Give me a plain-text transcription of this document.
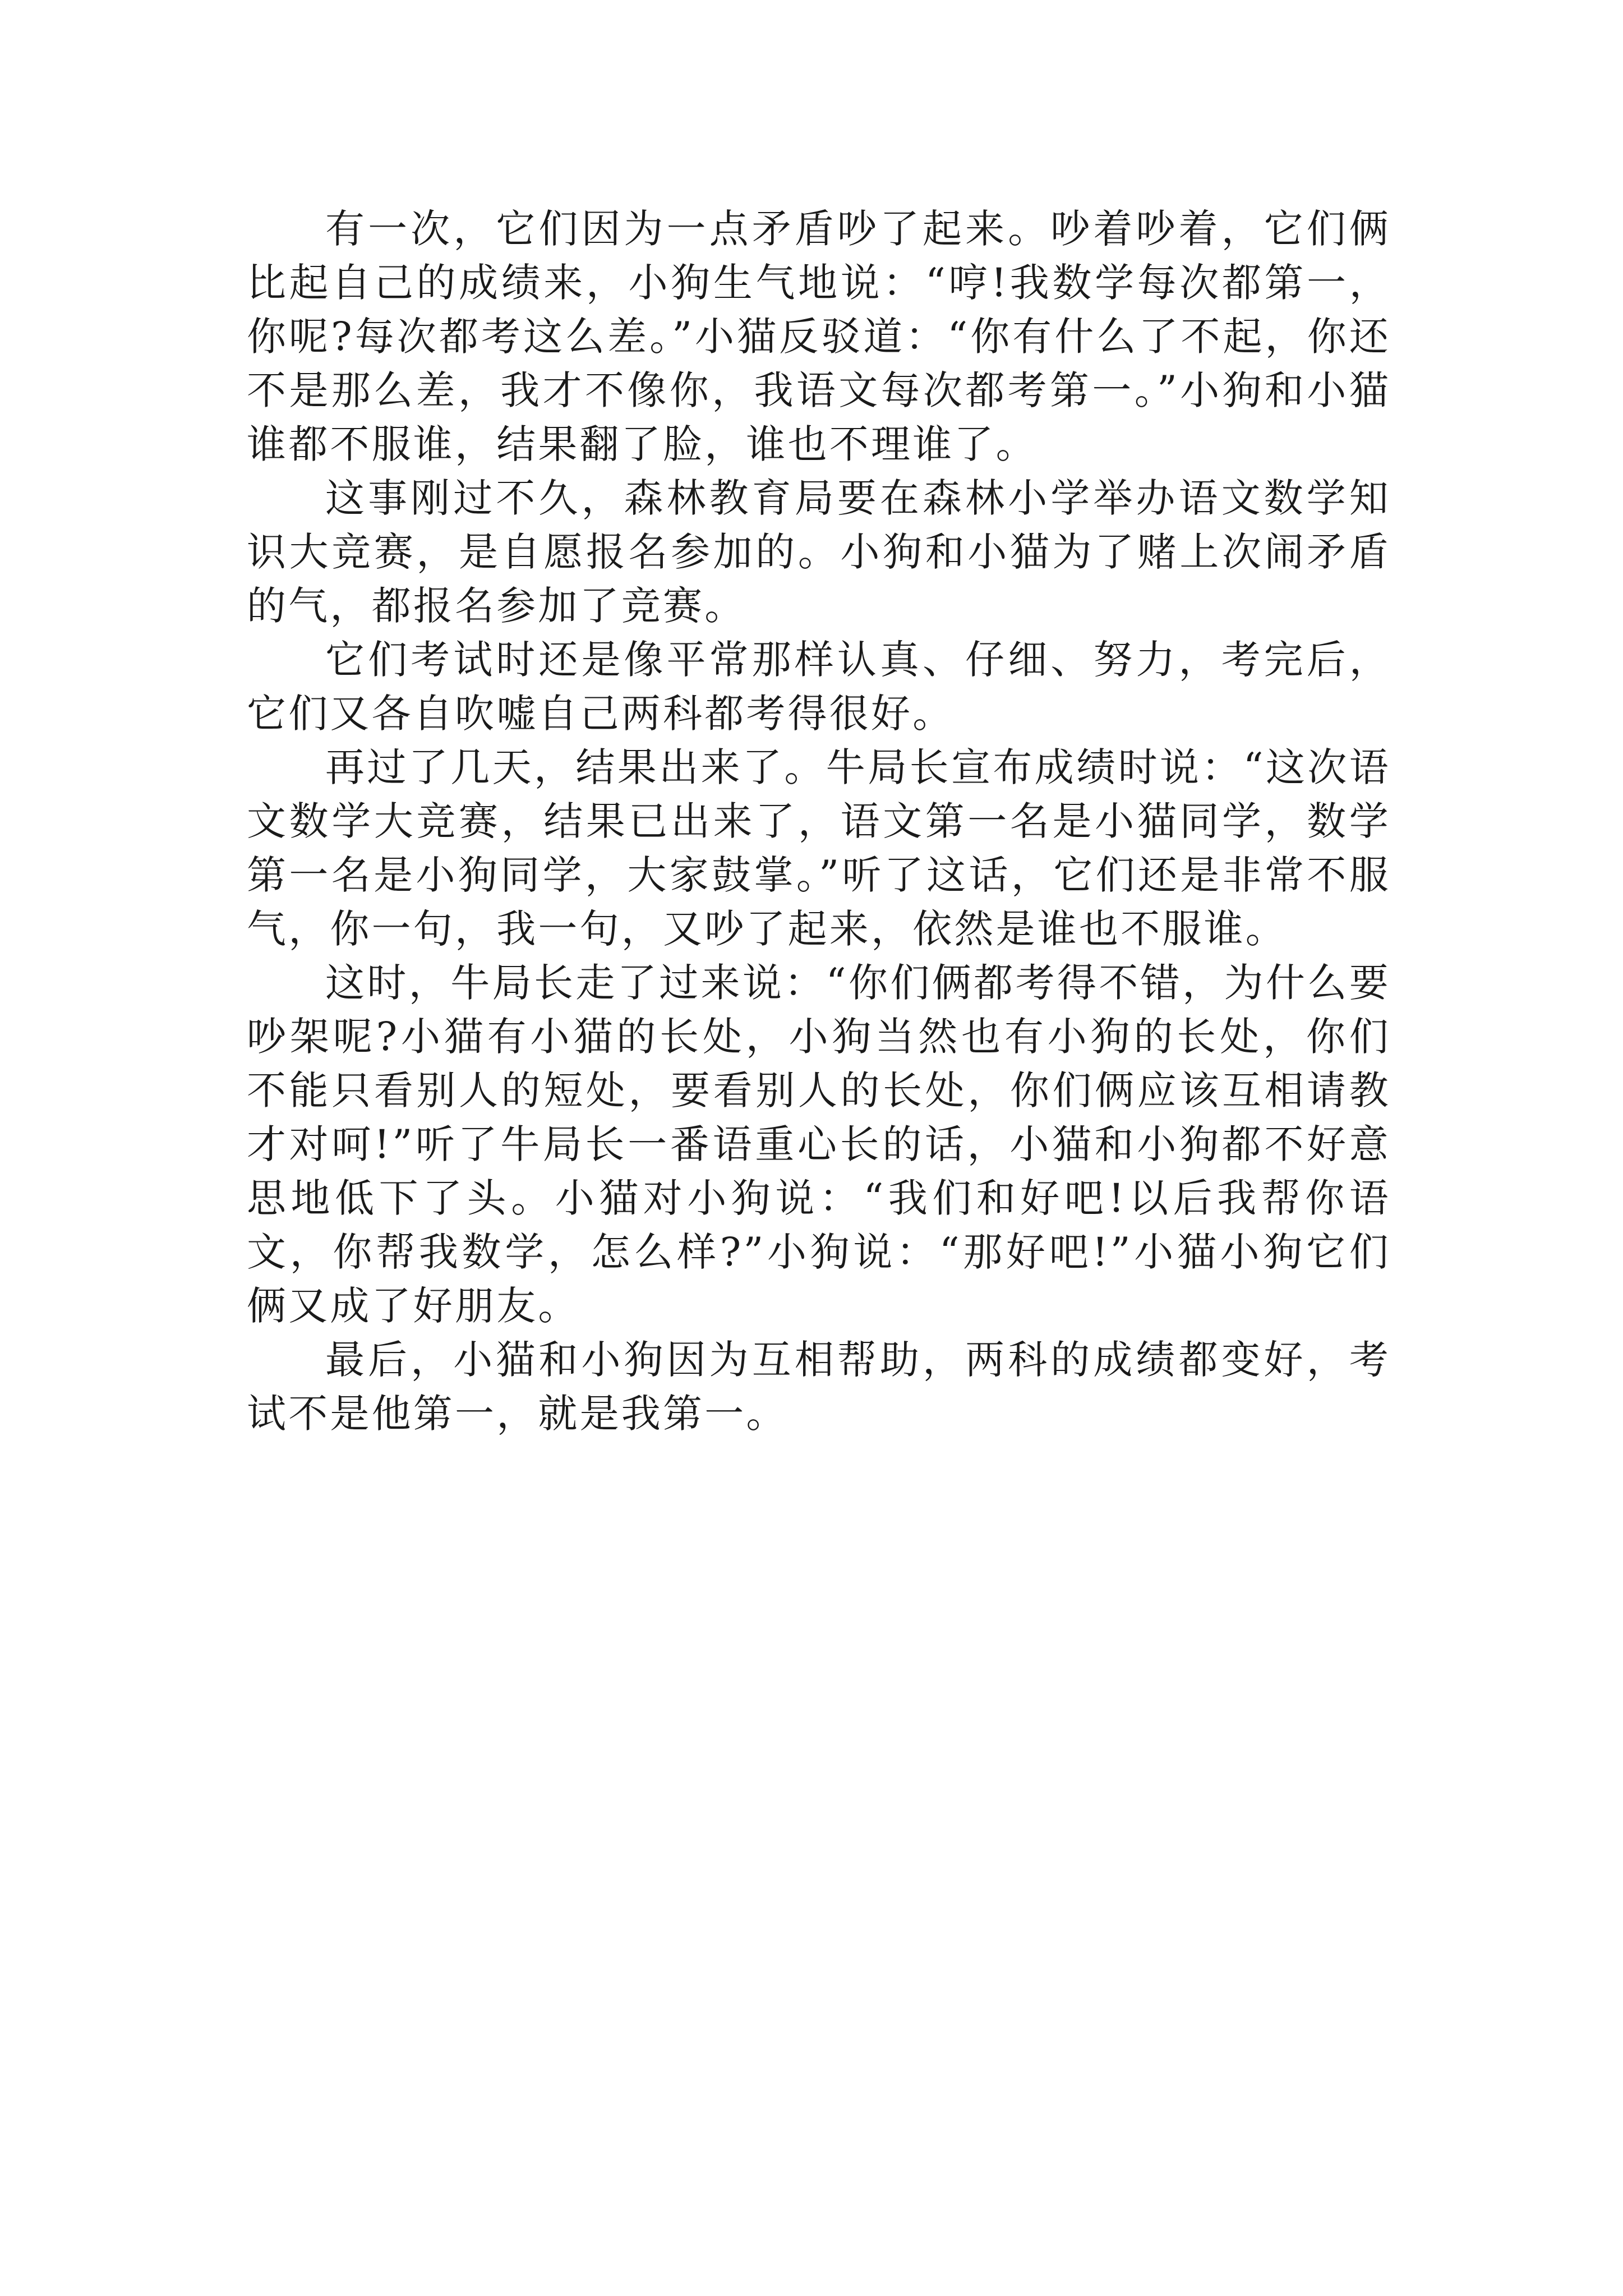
有一次，它们因为一点矛盾吵了起来。吵着吵着，它们俩比起自己的成绩来，小狗生气地说：“哼!我数学每次都第一，你呢?每次都考这么差。”小猫反驳道：“你有什么了不起，你还不是那么差，我才不像你，我语文每次都考第一。”小狗和小猫谁都不服谁，结果翻了脸，谁也不理谁了。

这事刚过不久，森林教育局要在森林小学举办语文数学知识大竞赛，是自愿报名参加的。小狗和小猫为了赌上次闹矛盾的气，都报名参加了竞赛。

它们考试时还是像平常那样认真、仔细、努力，考完后，它们又各自吹嘘自己两科都考得很好。

再过了几天，结果出来了。牛局长宣布成绩时说：“这次语文数学大竞赛，结果已出来了，语文第一名是小猫同学，数学第一名是小狗同学，大家鼓掌。”听了这话，它们还是非常不服气，你一句，我一句，又吵了起来，依然是谁也不服谁。

这时，牛局长走了过来说：“你们俩都考得不错，为什么要吵架呢?小猫有小猫的长处，小狗当然也有小狗的长处，你们不能只看别人的短处，要看别人的长处，你们俩应该互相请教才对呵!”听了牛局长一番语重心长的话，小猫和小狗都不好意思地低下了头。小猫对小狗说：“我们和好吧!以后我帮你语文，你帮我数学，怎么样?”小狗说：“那好吧!”小猫小狗它们俩又成了好朋友。

最后，小猫和小狗因为互相帮助，两科的成绩都变好，考试不是他第一，就是我第一。
